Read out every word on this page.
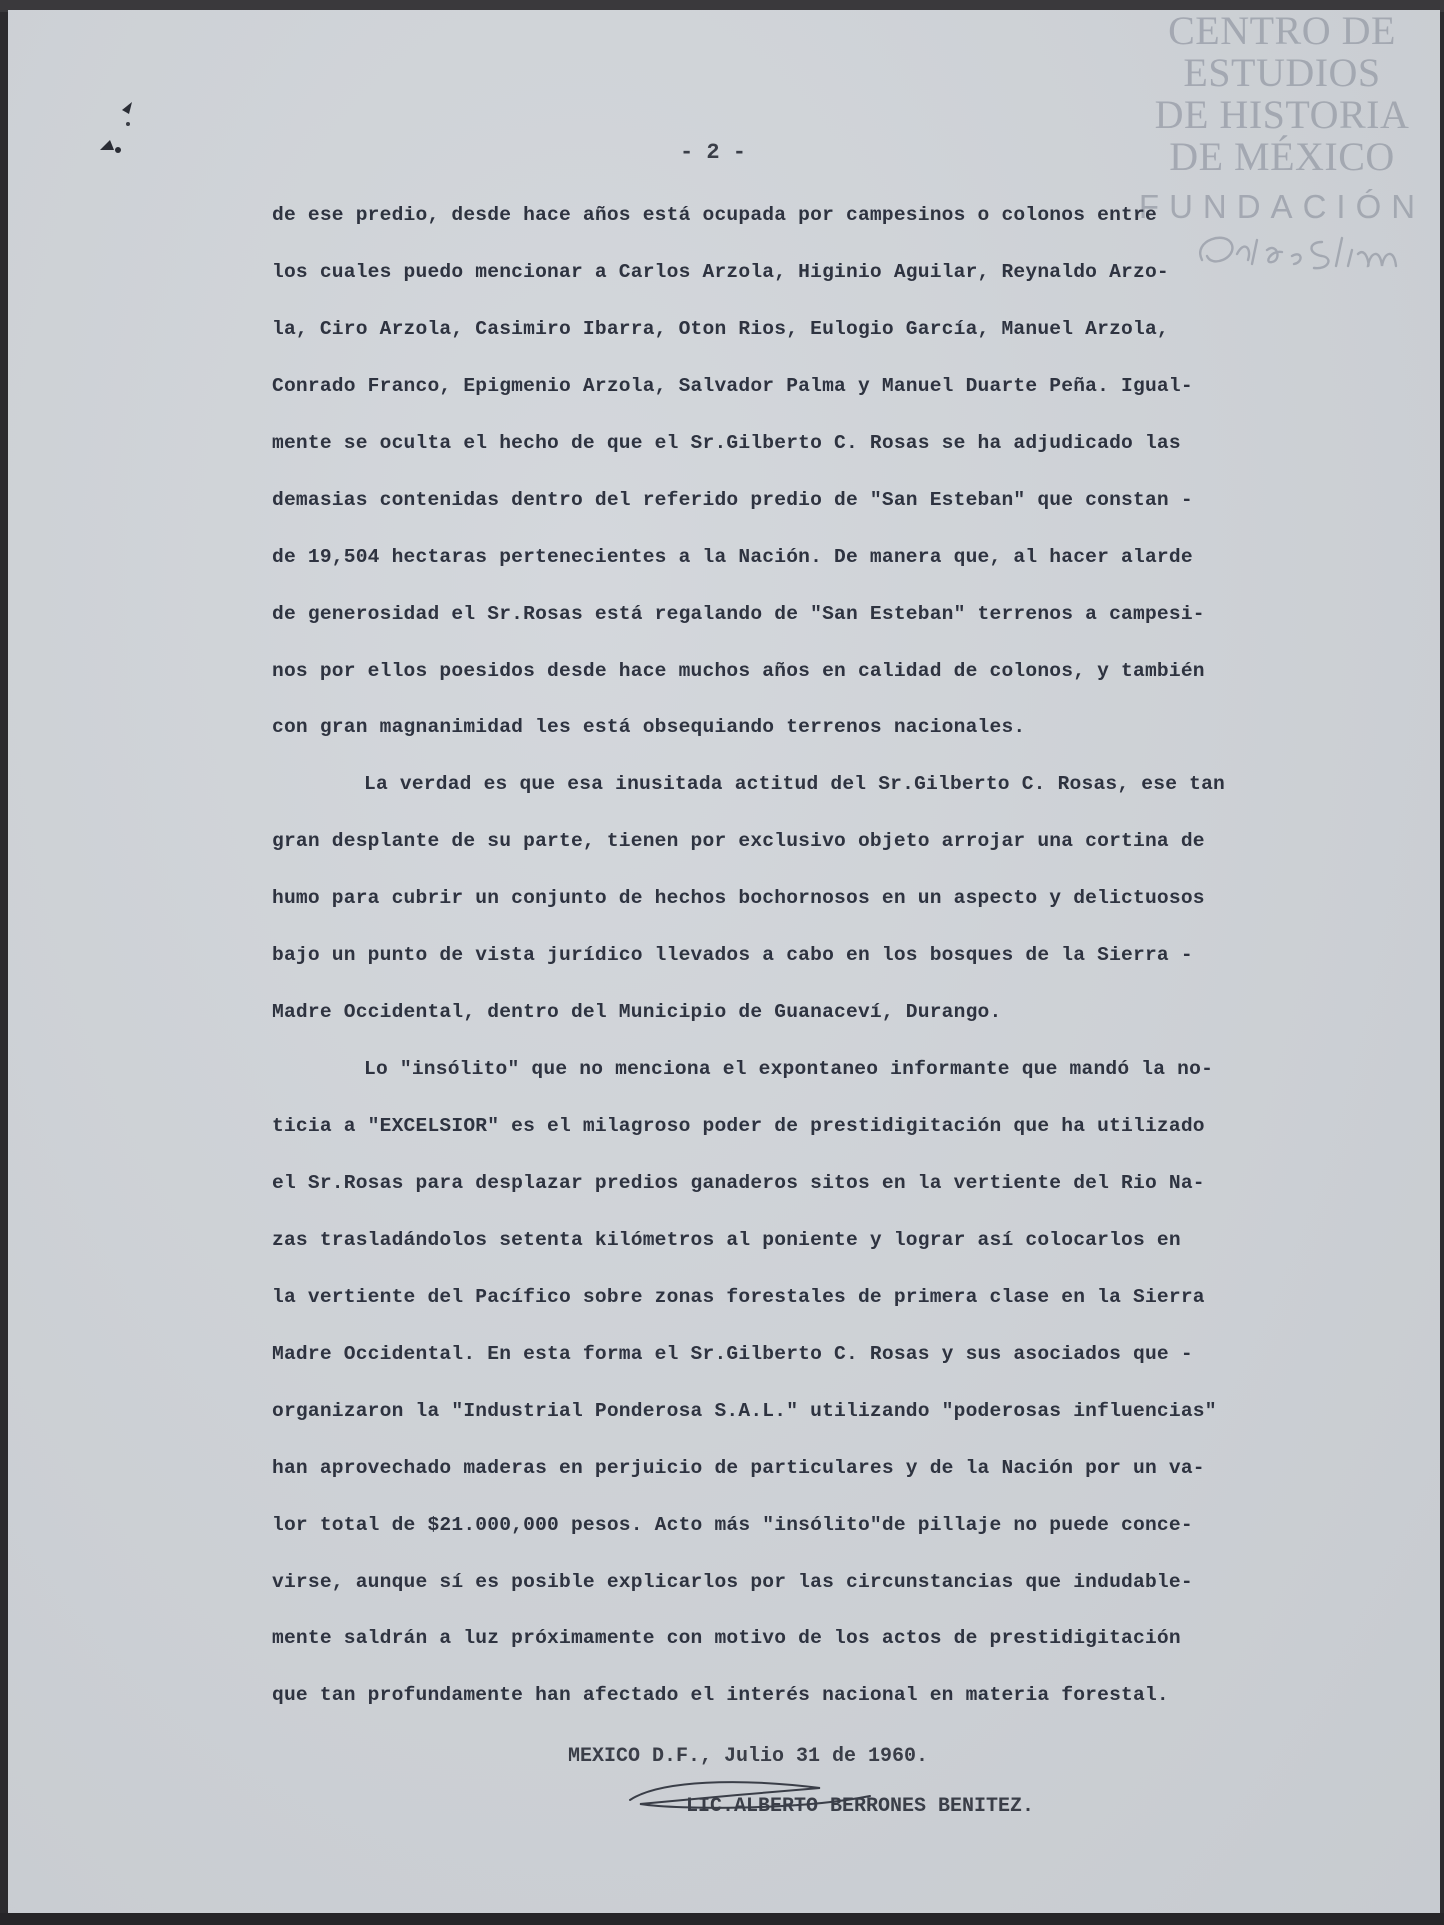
CENTRO DE
ESTUDIOS
DE HISTORIA
DE MÉXICO
FUNDACIÓN
- 2 -
de ese predio, desde hace años está ocupada por campesinos o colonos entre
los cuales puedo mencionar a Carlos Arzola, Higinio Aguilar, Reynaldo Arzo-
la, Ciro Arzola, Casimiro Ibarra, Oton Rios, Eulogio García, Manuel Arzola,
Conrado Franco, Epigmenio Arzola, Salvador Palma y Manuel Duarte Peña. Igual-
mente se oculta el hecho de que el Sr.Gilberto C. Rosas se ha adjudicado las
demasias contenidas dentro del referido predio de "San Esteban" que constan -
de 19,504 hectaras pertenecientes a la Nación. De manera que, al hacer alarde
de generosidad el Sr.Rosas está regalando de "San Esteban" terrenos a campesi-
nos por ellos poesidos desde hace muchos años en calidad de colonos, y también
con gran magnanimidad les está obsequiando terrenos nacionales.
La verdad es que esa inusitada actitud del Sr.Gilberto C. Rosas, ese tan
gran desplante de su parte, tienen por exclusivo objeto arrojar una cortina de
humo para cubrir un conjunto de hechos bochornosos en un aspecto y delictuosos
bajo un punto de vista jurídico llevados a cabo en los bosques de la Sierra -
Madre Occidental, dentro del Municipio de Guanaceví, Durango.
Lo "insólito" que no menciona el expontaneo informante que mandó la no-
ticia a "EXCELSIOR" es el milagroso poder de prestidigitación que ha utilizado
el Sr.Rosas para desplazar predios ganaderos sitos en la vertiente del Rio Na-
zas trasladándolos setenta kilómetros al poniente y lograr así colocarlos en
la vertiente del Pacífico sobre zonas forestales de primera clase en la Sierra
Madre Occidental. En esta forma el Sr.Gilberto C. Rosas y sus asociados que -
organizaron la "Industrial Ponderosa S.A.L." utilizando "poderosas influencias"
han aprovechado maderas en perjuicio de particulares y de la Nación por un va-
lor total de $21.000,000 pesos. Acto más "insólito"de pillaje no puede conce-
virse, aunque sí es posible explicarlos por las circunstancias que indudable-
mente saldrán a luz próximamente con motivo de los actos de prestidigitación
que tan profundamente han afectado el interés nacional en materia forestal.
MEXICO D.F., Julio 31 de 1960.
LIC.ALBERTO BERRONES BENITEZ.
